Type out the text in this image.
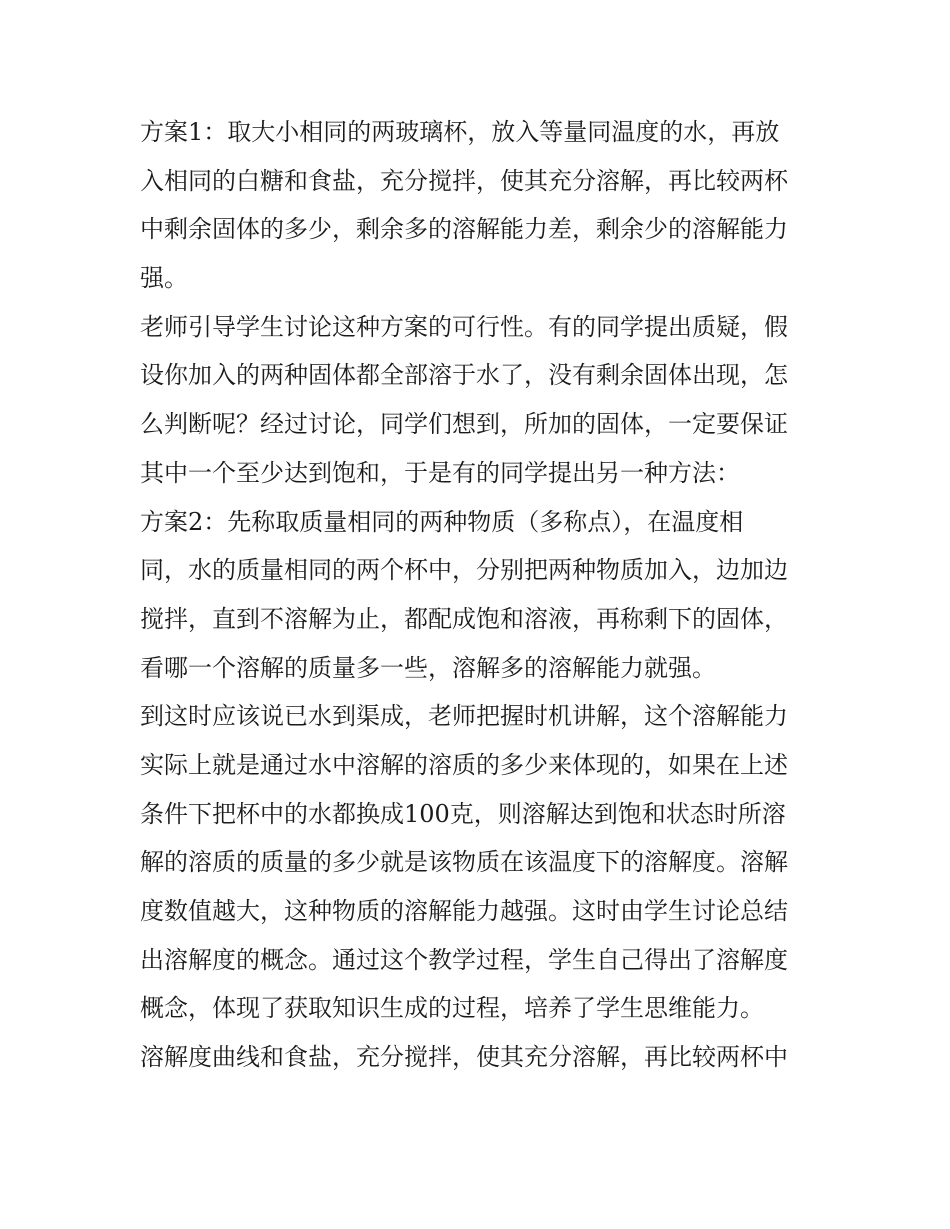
方案1：取大小相同的两玻璃杯，放入等量同温度的水，再放
入相同的白糖和食盐，充分搅拌，使其充分溶解，再比较两杯
中剩余固体的多少，剩余多的溶解能力差，剩余少的溶解能力
强。
老师引导学生讨论这种方案的可行性。有的同学提出质疑，假
设你加入的两种固体都全部溶于水了，没有剩余固体出现，怎
么判断呢？经过讨论，同学们想到，所加的固体，一定要保证
其中一个至少达到饱和，于是有的同学提出另一种方法：
方案2：先称取质量相同的两种物质（多称点），在温度相
同，水的质量相同的两个杯中，分别把两种物质加入，边加边
搅拌，直到不溶解为止，都配成饱和溶液，再称剩下的固体，
看哪一个溶解的质量多一些，溶解多的溶解能力就强。
到这时应该说已水到渠成，老师把握时机讲解，这个溶解能力
实际上就是通过水中溶解的溶质的多少来体现的，如果在上述
条件下把杯中的水都换成100克，则溶解达到饱和状态时所溶
解的溶质的质量的多少就是该物质在该温度下的溶解度。溶解
度数值越大，这种物质的溶解能力越强。这时由学生讨论总结
出溶解度的概念。通过这个教学过程，学生自己得出了溶解度
概念，体现了获取知识生成的过程，培养了学生思维能力。
溶解度曲线和食盐，充分搅拌，使其充分溶解，再比较两杯中
